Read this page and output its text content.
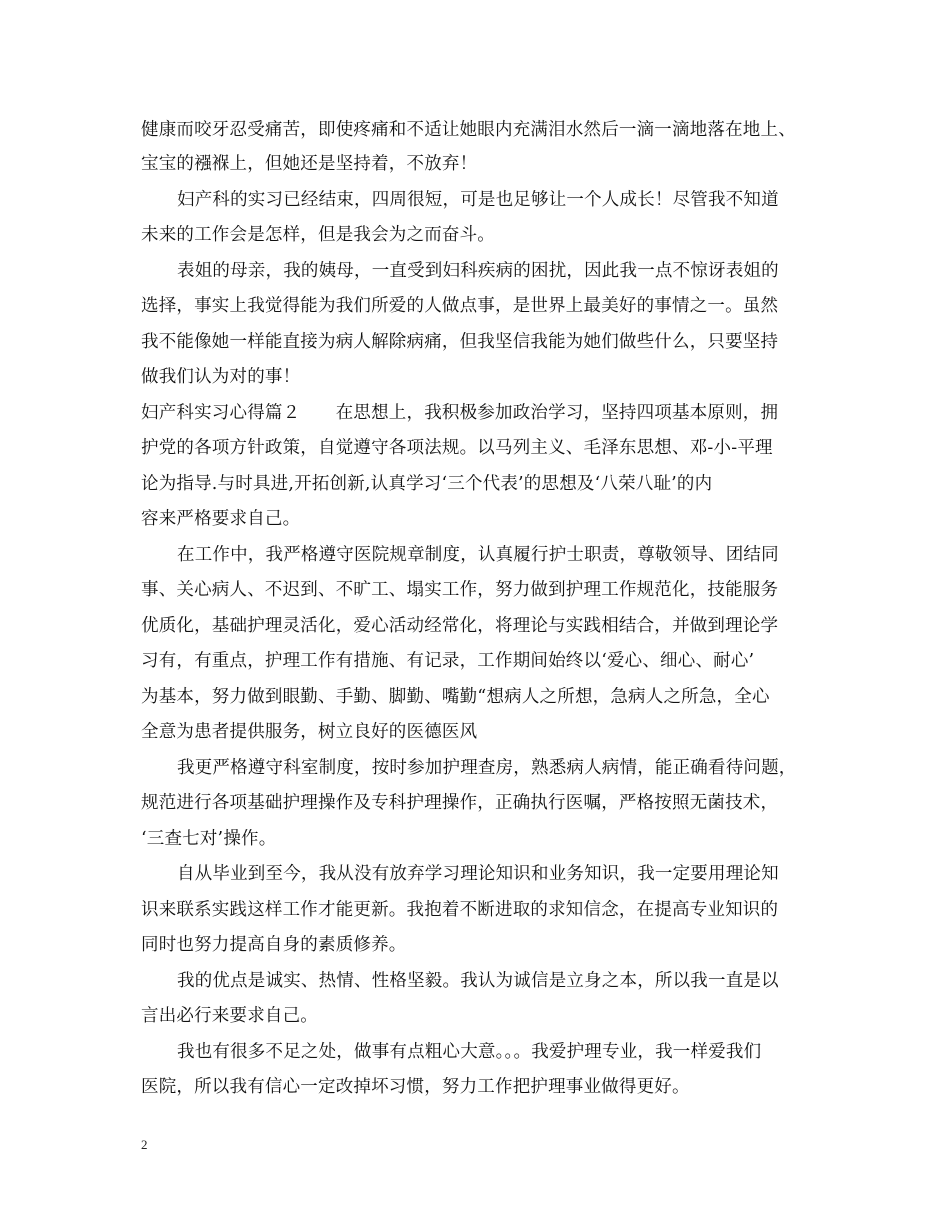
健康而咬牙忍受痛苦，即使疼痛和不适让她眼内充满泪水然后一滴一滴地落在地上、
宝宝的襁褓上，但她还是坚持着，不放弃！
妇产科的实习已经结束，四周很短，可是也足够让一个人成长！尽管我不知道
未来的工作会是怎样，但是我会为之而奋斗。
表姐的母亲，我的姨母，一直受到妇科疾病的困扰，因此我一点不惊讶表姐的
选择，事实上我觉得能为我们所爱的人做点事，是世界上最美好的事情之一。虽然
我不能像她一样能直接为病人解除病痛，但我坚信我能为她们做些什么，只要坚持
做我们认为对的事！
妇产科实习心得篇２　　在思想上，我积极参加政治学习，坚持四项基本原则，拥
护党的各项方针政策，自觉遵守各项法规。以马列主义、毛泽东思想、邓-小-平理
论为指导.与时具进,开拓创新,认真学习‘三个代表’的思想及‘八荣八耻’的内
容来严格要求自己。
在工作中，我严格遵守医院规章制度，认真履行护士职责，尊敬领导、团结同
事、关心病人、不迟到、不旷工、塌实工作，努力做到护理工作规范化，技能服务
优质化，基础护理灵活化，爱心活动经常化，将理论与实践相结合，并做到理论学
习有，有重点，护理工作有措施、有记录，工作期间始终以‘爱心、细心、耐心’
为基本，努力做到眼勤、手勤、脚勤、嘴勤“想病人之所想，急病人之所急，全心
全意为患者提供服务，树立良好的医德医风
我更严格遵守科室制度，按时参加护理查房，熟悉病人病情，能正确看待问题，
规范进行各项基础护理操作及专科护理操作，正确执行医嘱，严格按照无菌技术，
‘三查七对’操作。
自从毕业到至今，我从没有放弃学习理论知识和业务知识，我一定要用理论知
识来联系实践这样工作才能更新。我抱着不断进取的求知信念，在提高专业知识的
同时也努力提高自身的素质修养。
我的优点是诚实、热情、性格坚毅。我认为诚信是立身之本，所以我一直是以
言出必行来要求自己。
我也有很多不足之处，做事有点粗心大意。。。我爱护理专业，我一样爱我们
医院，所以我有信心一定改掉坏习惯，努力工作把护理事业做得更好。
2
